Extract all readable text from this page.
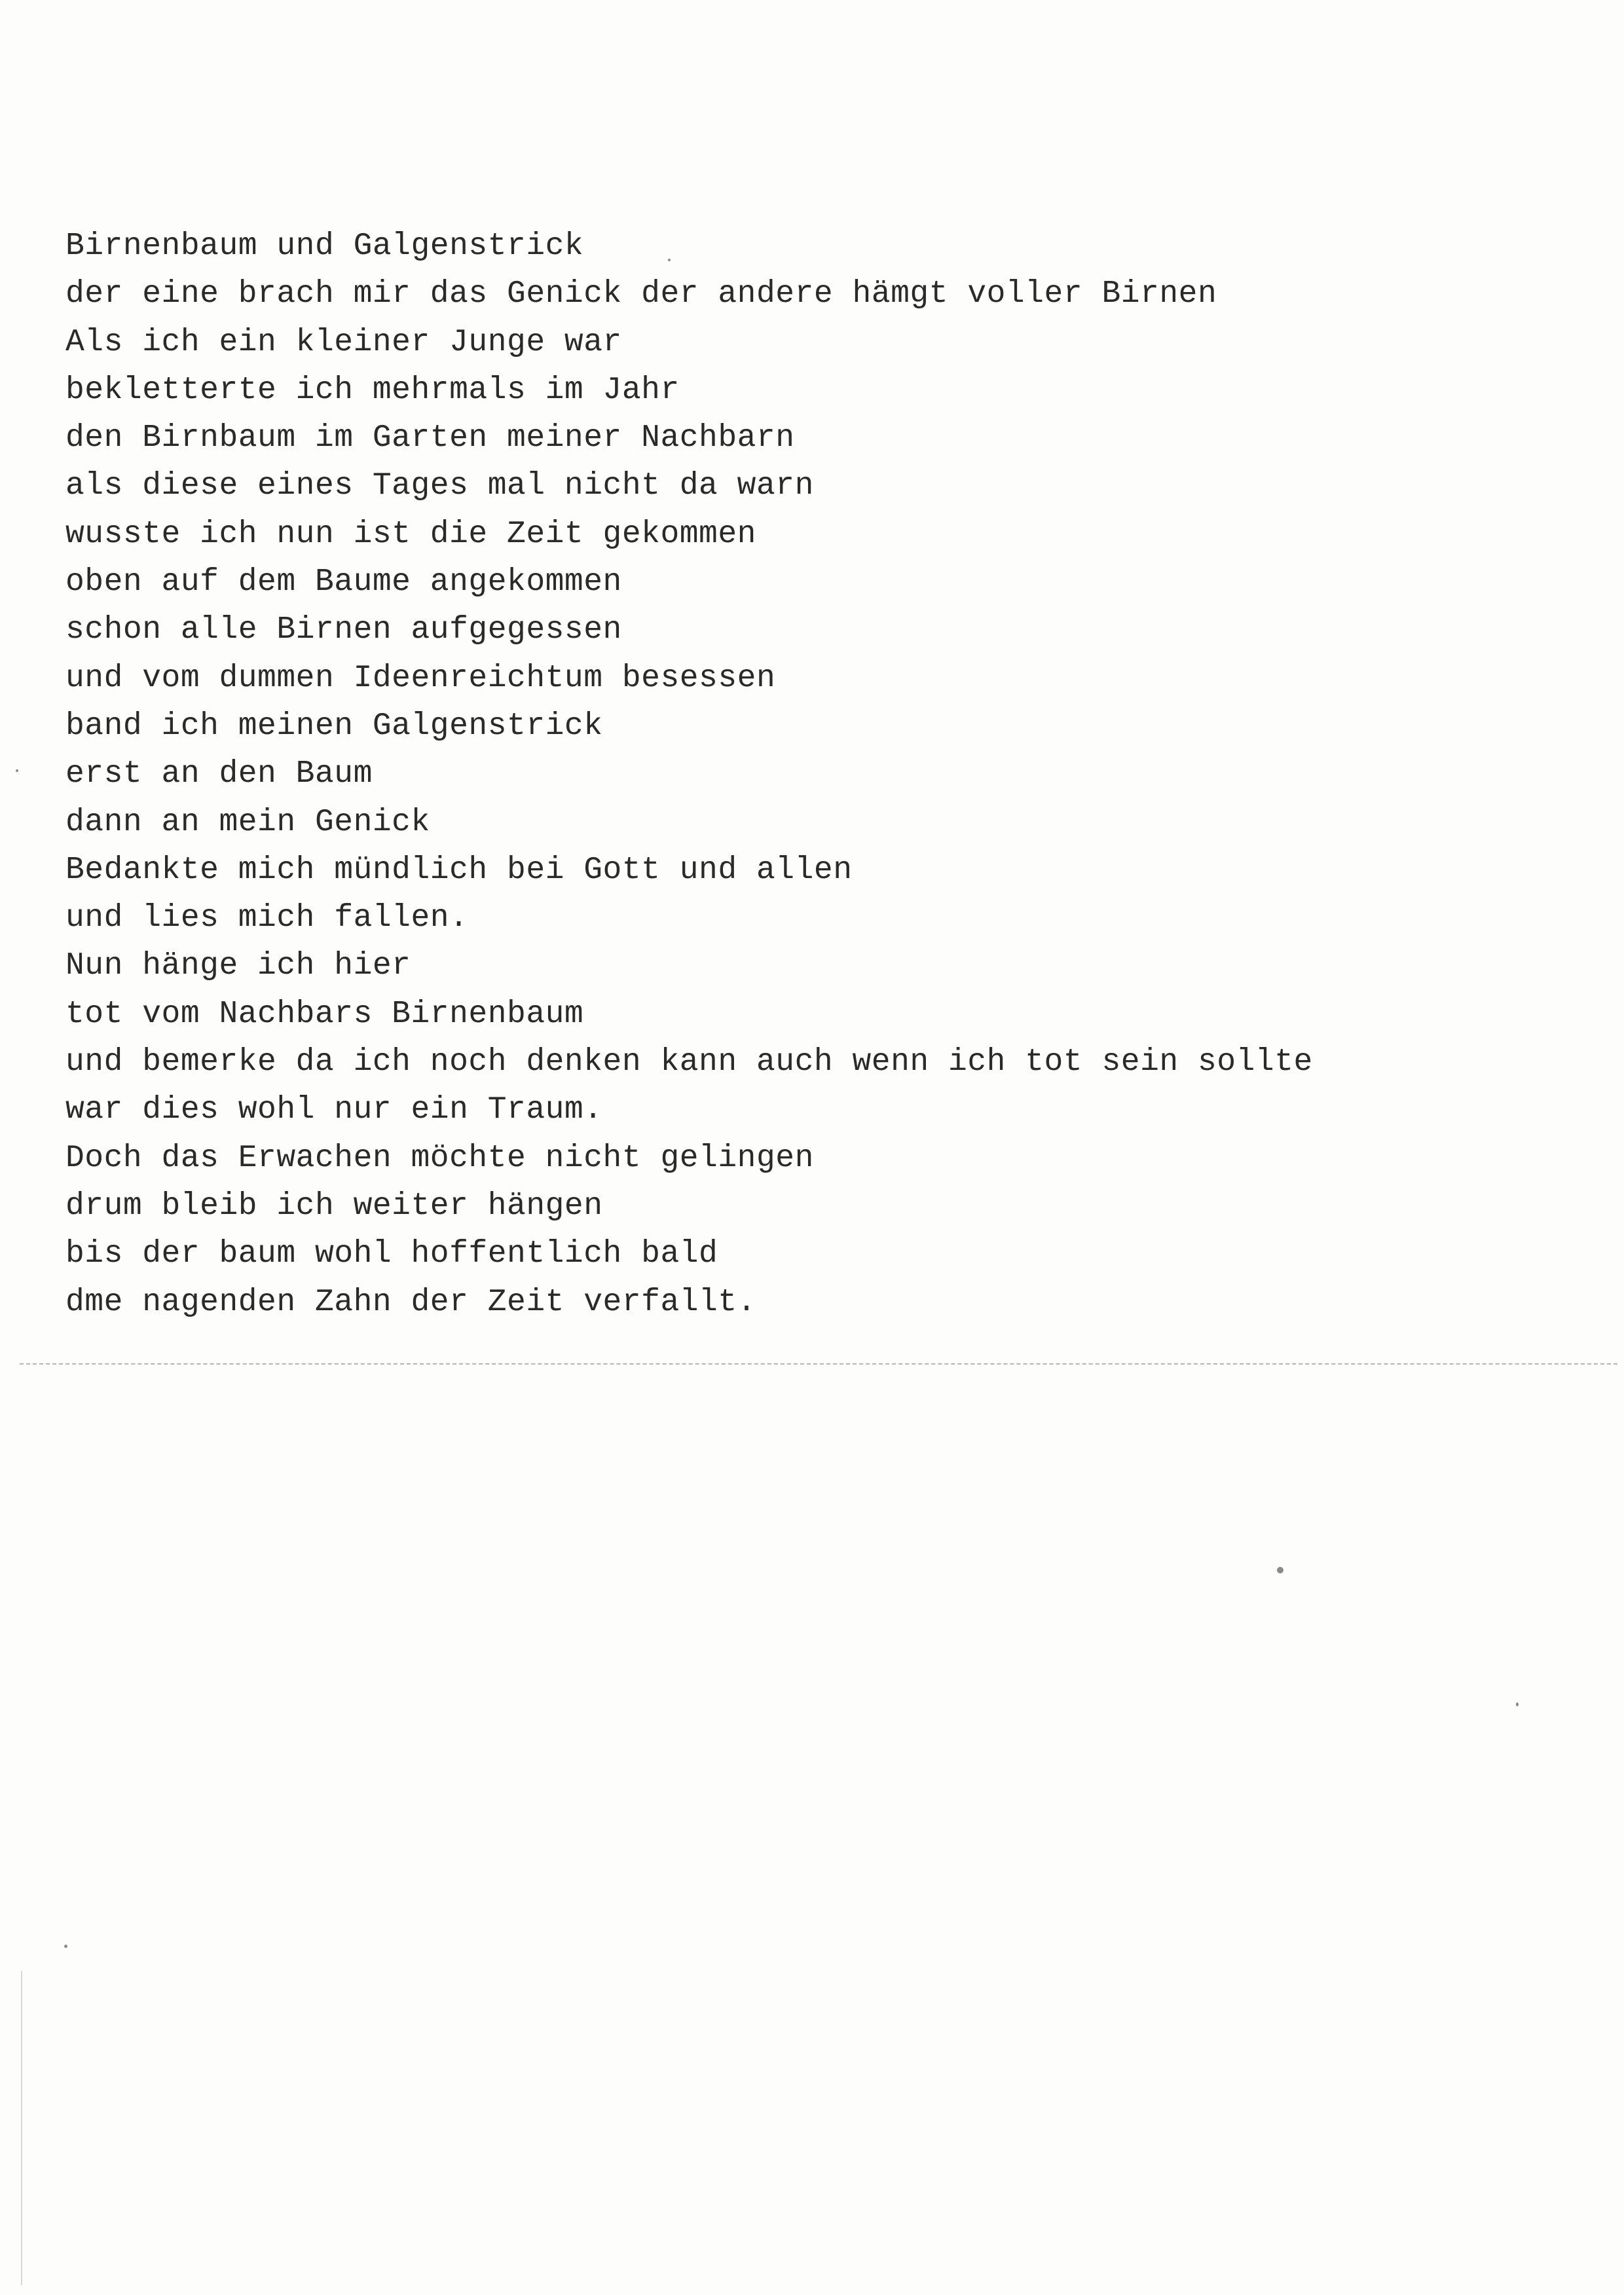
Birnenbaum und Galgenstrick
der eine brach mir das Genick der andere hämgt voller Birnen
Als ich ein kleiner Junge war
bekletterte ich mehrmals im Jahr
den Birnbaum im Garten meiner Nachbarn
als diese eines Tages mal nicht da warn
wusste ich nun ist die Zeit gekommen
oben auf dem Baume angekommen
schon alle Birnen aufgegessen
und vom dummen Ideenreichtum besessen
band ich meinen Galgenstrick
erst an den Baum
dann an mein Genick
Bedankte mich mündlich bei Gott und allen
und lies mich fallen.
Nun hänge ich hier
tot vom Nachbars Birnenbaum
und bemerke da ich noch denken kann auch wenn ich tot sein sollte
war dies wohl nur ein Traum.
Doch das Erwachen möchte nicht gelingen
drum bleib ich weiter hängen
bis der baum wohl hoffentlich bald
dme nagenden Zahn der Zeit verfallt.
